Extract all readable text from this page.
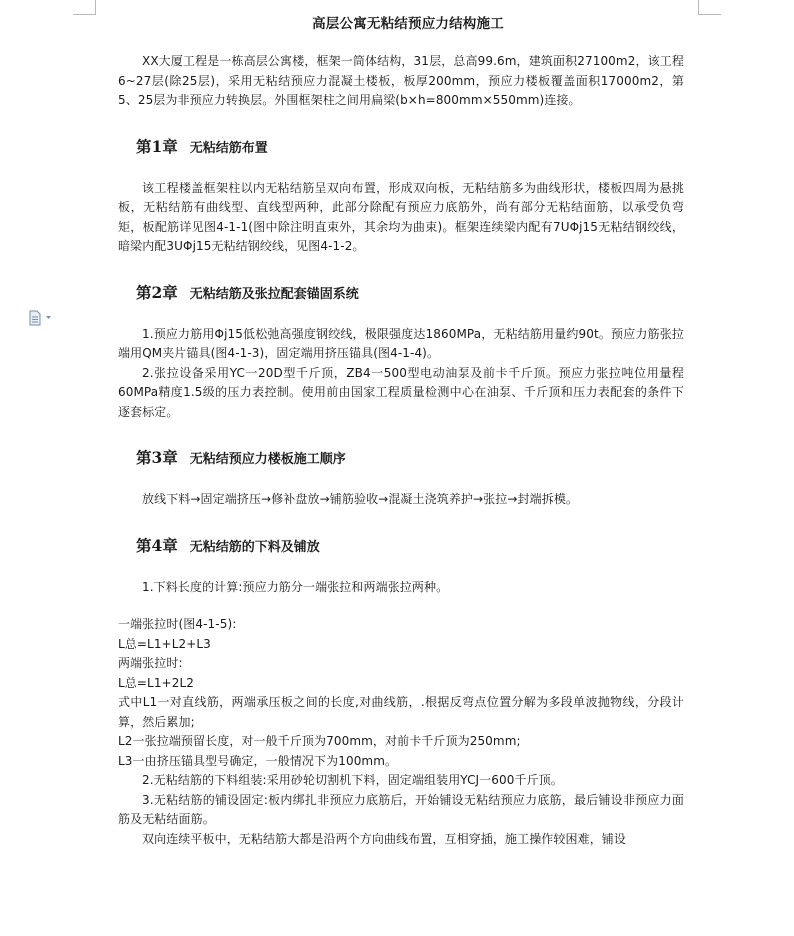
高层公寓无粘结预应力结构施工

XX大厦工程是一栋高层公寓楼，框架一筒体结构，31层，总高99.6m，建筑面积27100m2，该工程6~27层(除25层)，采用无粘结预应力混凝土楼板，板厚200mm，预应力楼板覆盖面积17000m2，第5、25层为非预应力转换层。外围框架柱之间用扁梁(b×h=800mm×550mm)连接。

第1章 无粘结筋布置

该工程楼盖框架柱以内无粘结筋呈双向布置，形成双向板，无粘结筋多为曲线形状，楼板四周为悬挑板，无粘结筋有曲线型、直线型两种，此部分除配有预应力底筋外，尚有部分无粘结面筋，以承受负弯矩，板配筋详见图4-1-1(图中除注明直束外，其余均为曲束)。框架连续梁内配有7UΦj15无粘结钢绞线，暗梁内配3UΦj15无粘结钢绞线，见图4-1-2。

第2章 无粘结筋及张拉配套锚固系统

1.预应力筋用Φj15低松弛高强度钢绞线，极限强度达1860MPa，无粘结筋用量约90t。预应力筋张拉端用QM夹片锚具(图4-1-3)，固定端用挤压锚具(图4-1-4)。

2.张拉设备采用YC一20D型千斤顶，ZB4一500型电动油泵及前卡千斤顶。预应力张拉吨位用量程60MPa精度1.5级的压力表控制。使用前由国家工程质量检测中心在油泵、千斤顶和压力表配套的条件下逐套标定。

第3章 无粘结预应力楼板施工顺序

放线下料→固定端挤压→修补盘放→铺筋验收→混凝土浇筑养护→张拉→封端拆模。

第4章 无粘结筋的下料及铺放

1.下料长度的计算:预应力筋分一端张拉和两端张拉两种。

一端张拉时(图4-1-5):

L总=L1+L2+L3

两端张拉时:

L总=L1+2L2

式中L1一对直线筋，两端承压板之间的长度,对曲线筋，.根据反弯点位置分解为多段单波抛物线，分段计算，然后累加;

L2一张拉端预留长度，对一般千斤顶为700mm，对前卡千斤顶为250mm;

L3一由挤压锚具型号确定，一般情况下为100mm。

2.无粘结筋的下料组装:采用砂轮切割机下料，固定端组装用YCJ一600千斤顶。

3.无粘结筋的铺设固定:板内绑扎非预应力底筋后，开始铺设无粘结预应力底筋，最后铺设非预应力面筋及无粘结面筋。

双向连续平板中，无粘结筋大都是沿两个方向曲线布置，互相穿插，施工操作较困难，铺设
